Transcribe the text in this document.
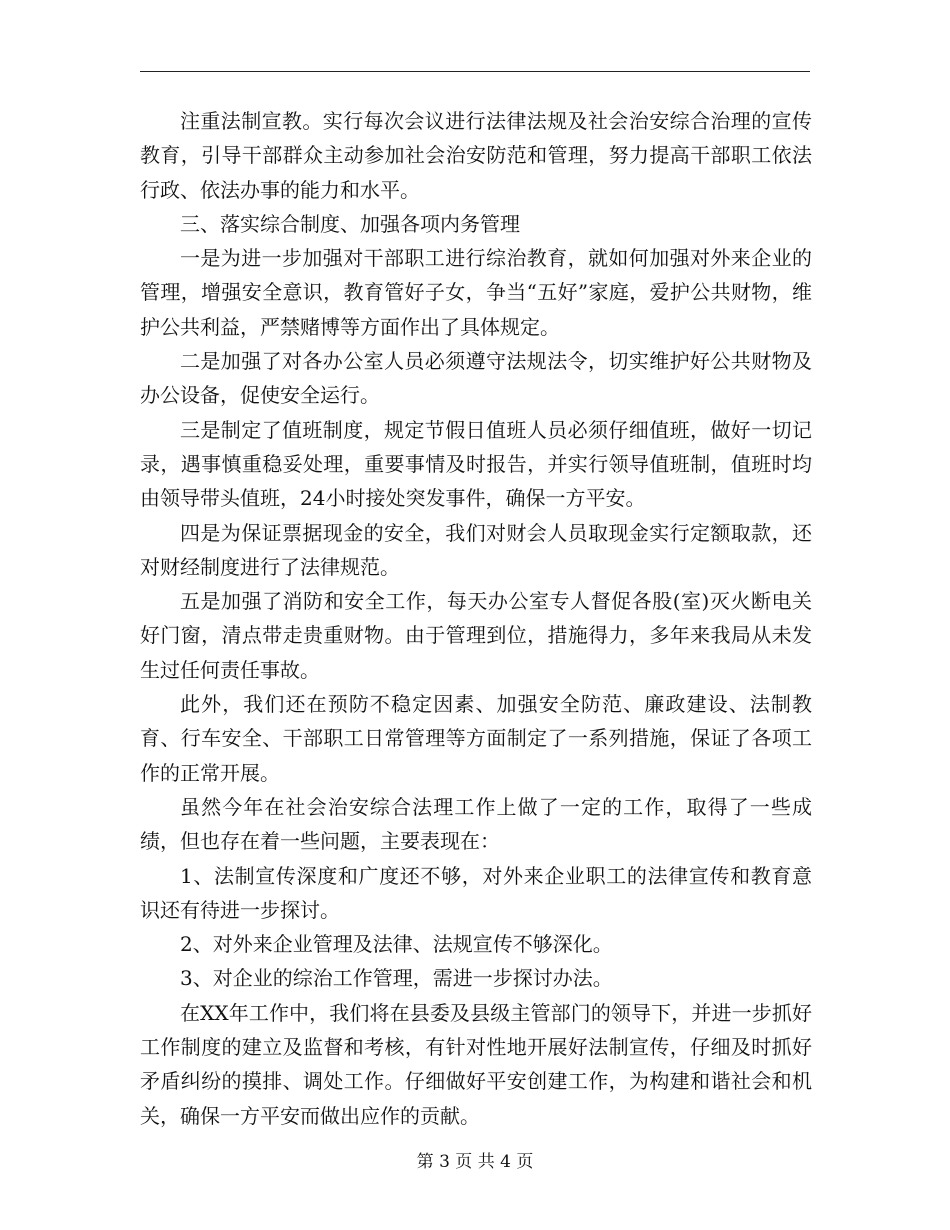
注重法制宣教。实行每次会议进行法律法规及社会治安综合治理的宣传教育，引导干部群众主动参加社会治安防范和管理，努力提高干部职工依法行政、依法办事的能力和水平。

三、落实综合制度、加强各项内务管理

一是为进一步加强对干部职工进行综治教育，就如何加强对外来企业的管理，增强安全意识，教育管好子女，争当“五好”家庭，爱护公共财物，维护公共利益，严禁赌博等方面作出了具体规定。

二是加强了对各办公室人员必须遵守法规法令，切实维护好公共财物及办公设备，促使安全运行。

三是制定了值班制度，规定节假日值班人员必须仔细值班，做好一切记录，遇事慎重稳妥处理，重要事情及时报告，并实行领导值班制，值班时均由领导带头值班，24小时接处突发事件，确保一方平安。

四是为保证票据现金的安全，我们对财会人员取现金实行定额取款，还对财经制度进行了法律规范。

五是加强了消防和安全工作，每天办公室专人督促各股(室)灭火断电关好门窗，清点带走贵重财物。由于管理到位，措施得力，多年来我局从未发生过任何责任事故。

此外，我们还在预防不稳定因素、加强安全防范、廉政建设、法制教育、行车安全、干部职工日常管理等方面制定了一系列措施，保证了各项工作的正常开展。

虽然今年在社会治安综合法理工作上做了一定的工作，取得了一些成绩，但也存在着一些问题，主要表现在：

1、法制宣传深度和广度还不够，对外来企业职工的法律宣传和教育意识还有待进一步探讨。

2、对外来企业管理及法律、法规宣传不够深化。

3、对企业的综治工作管理，需进一步探讨办法。

在XX年工作中，我们将在县委及县级主管部门的领导下，并进一步抓好工作制度的建立及监督和考核，有针对性地开展好法制宣传，仔细及时抓好矛盾纠纷的摸排、调处工作。仔细做好平安创建工作，为构建和谐社会和机关，确保一方平安而做出应作的贡献。

第 3 页 共 4 页
